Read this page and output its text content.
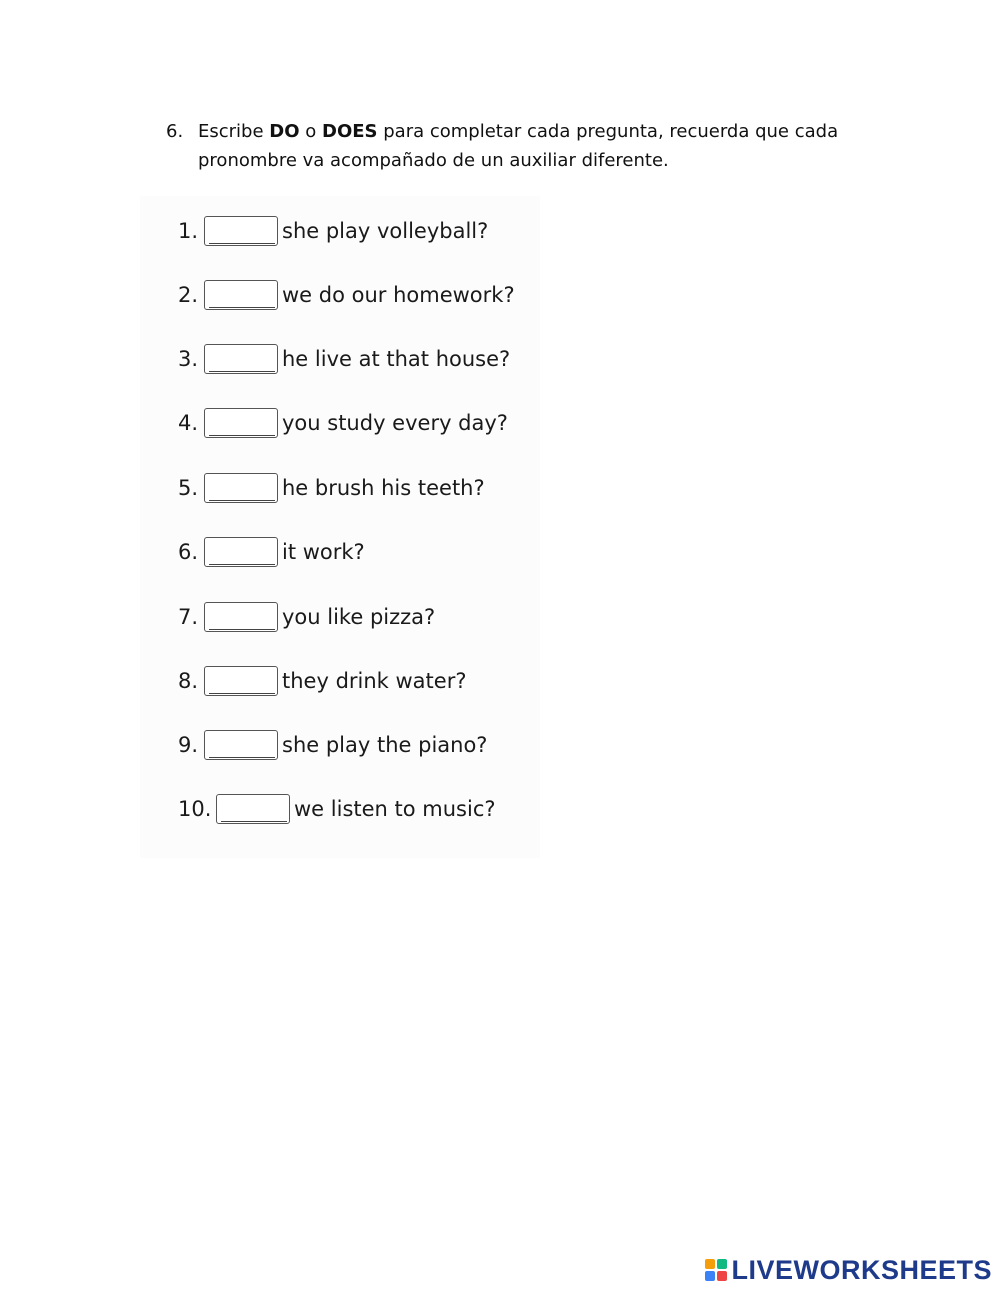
6. Escribe DO o DOES para completar cada pregunta, recuerda que cada pronombre va acompañado de un auxiliar diferente.
1.	she play volleyball?
2.	we do our homework?
3.	he live at that house?
4.	you study every day?
5.	he brush his teeth?
6.	it work?
7.	you like pizza?
8.	they drink water?
9.	she play the piano?
10.	we listen to music?
LIVEWORKSHEETS
